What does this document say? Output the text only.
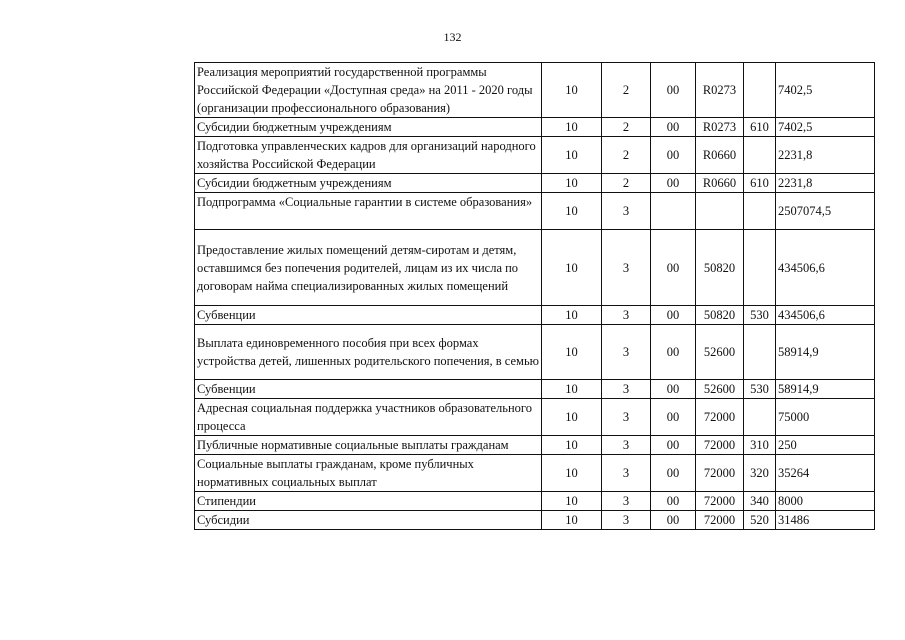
132
Реализация мероприятий государственной программы Российской Федерации «Доступная среда» на 2011 - 2020 годы (организации профессионального образования)	10	2	00	R0273		7402,5
Субсидии бюджетным учреждениям	10	2	00	R0273	610	7402,5
Подготовка управленческих кадров для организаций народного хозяйства Российской Федерации	10	2	00	R0660		2231,8
Субсидии бюджетным учреждениям	10	2	00	R0660	610	2231,8
Подпрограмма «Социальные гарантии в системе образования»	10	3				2507074,5
Предоставление жилых помещений детям-сиротам и детям, оставшимся без попечения родителей, лицам из их числа по договорам найма специализированных жилых помещений	10	3	00	50820		434506,6
Субвенции	10	3	00	50820	530	434506,6
Выплата единовременного пособия при всех формах устройства детей, лишенных родительского попечения, в семью	10	3	00	52600		58914,9
Субвенции	10	3	00	52600	530	58914,9
Адресная социальная поддержка участников образовательного процесса	10	3	00	72000		75000
Публичные нормативные социальные выплаты гражданам	10	3	00	72000	310	250
Социальные выплаты гражданам, кроме публичных нормативных социальных выплат	10	3	00	72000	320	35264
Стипендии	10	3	00	72000	340	8000
Субсидии	10	3	00	72000	520	31486
